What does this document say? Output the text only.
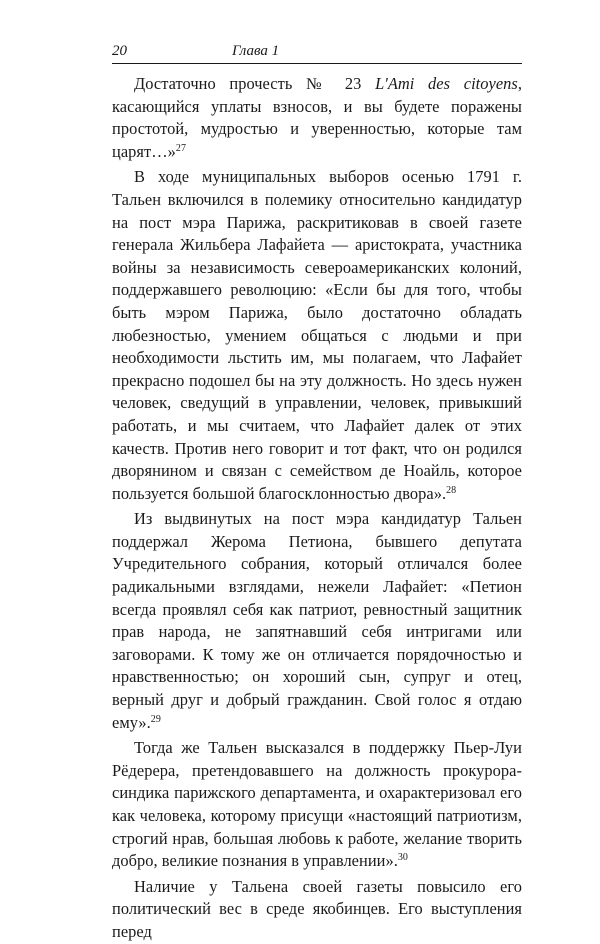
20	Глава 1

Достаточно прочесть № 23 L'Ami des citoyens, касающийся уплаты взносов, и вы будете поражены простотой, мудростью и уверенностью, которые там царят…»$^{27}$

В ходе муниципальных выборов осенью 1791 г. Тальен включился в полемику относительно кандидатур на пост мэра Парижа, раскритиковав в своей газете генерала Жильбера Лафайета — аристократа, участника войны за независимость североамериканских колоний, поддержавшего революцию: «Если бы для того, чтобы быть мэром Парижа, было достаточно обладать любезностью, умением общаться с людьми и при необходимости льстить им, мы полагаем, что Лафайет прекрасно подошел бы на эту должность. Но здесь нужен человек, сведущий в управлении, человек, привыкший работать, и мы считаем, что Лафайет далек от этих качеств. Против него говорит и тот факт, что он родился дворянином и связан с семейством де Ноайль, которое пользуется большой благосклонностью двора».$^{28}$

Из выдвинутых на пост мэра кандидатур Тальен поддержал Жерома Петиона, бывшего депутата Учредительного собрания, который отличался более радикальными взглядами, нежели Лафайет: «Петион всегда проявлял себя как патриот, ревностный защитник прав народа, не запятнавший себя интригами или заговорами. К тому же он отличается порядочностью и нравственностью; он хороший сын, супруг и отец, верный друг и добрый гражданин. Свой голос я отдаю ему».$^{29}$

Тогда же Тальен высказался в поддержку Пьер-Луи Рёдерера, претендовавшего на должность прокурора-синдика парижского департамента, и охарактеризовал его как человека, которому присущи «настоящий патриотизм, строгий нрав, большая любовь к работе, желание творить добро, великие познания в управлении».$^{30}$

Наличие у Тальена своей газеты повысило его политический вес в среде якобинцев. Его выступления перед
